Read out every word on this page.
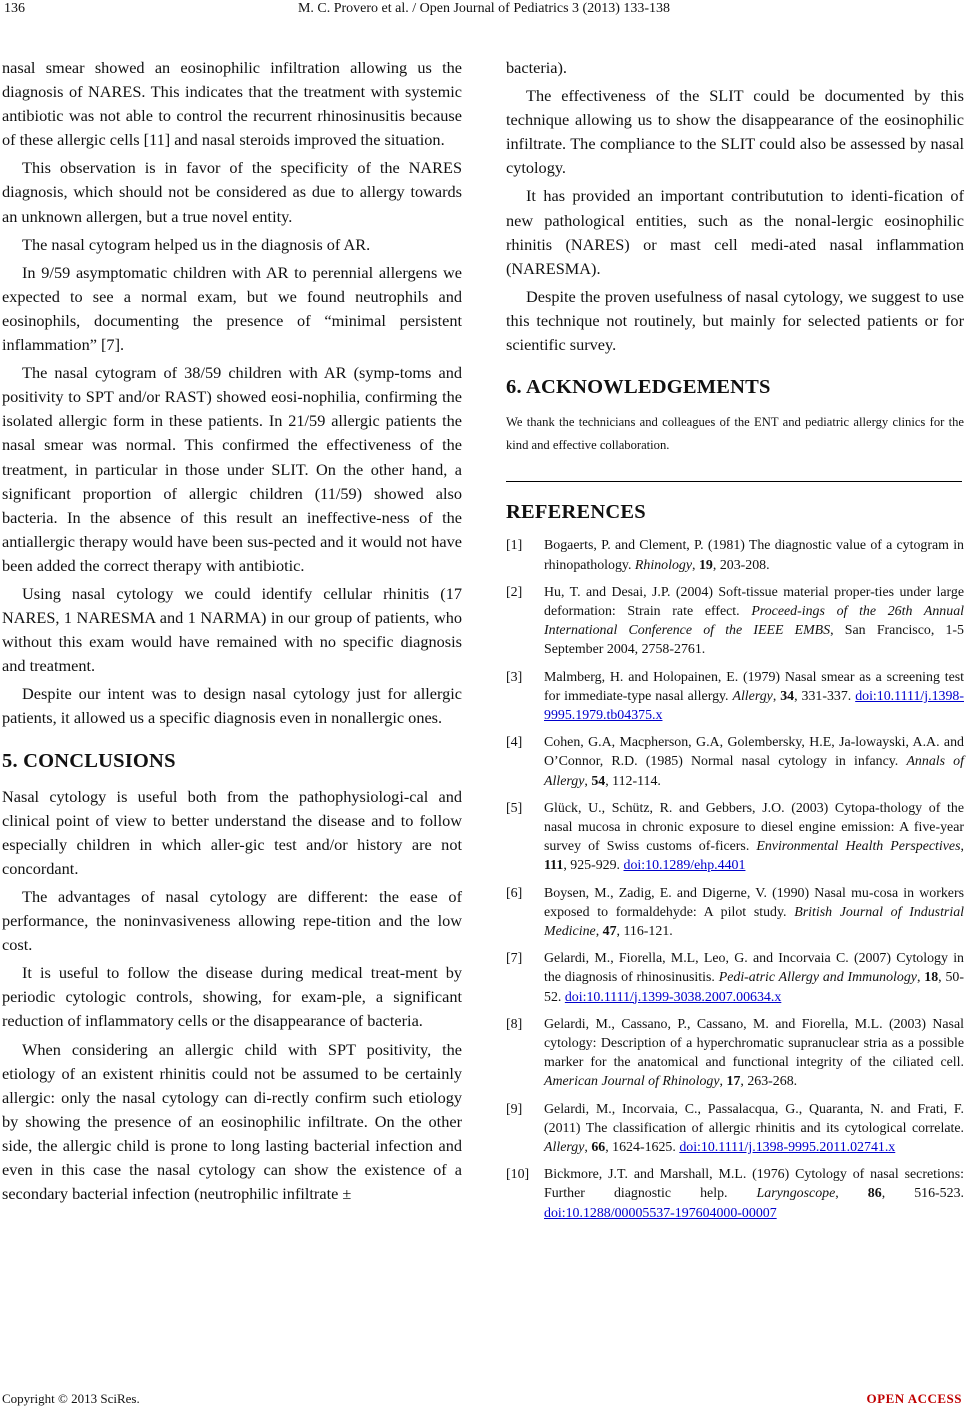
136	M. C. Provero et al. / Open Journal of Pediatrics 3 (2013) 133-138

nasal smear showed an eosinophilic infiltration allowing us the diagnosis of NARES. This indicates that the treatment with systemic antibiotic was not able to control the recurrent rhinosinusitis because of these allergic cells [11] and nasal steroids improved the situation.

This observation is in favor of the specificity of the NARES diagnosis, which should not be considered as due to allergy towards an unknown allergen, but a true novel entity.

The nasal cytogram helped us in the diagnosis of AR.

In 9/59 asymptomatic children with AR to perennial allergens we expected to see a normal exam, but we found neutrophils and eosinophils, documenting the presence of “minimal persistent inflammation” [7].

The nasal cytogram of 38/59 children with AR (symp-toms and positivity to SPT and/or RAST) showed eosi-nophilia, confirming the isolated allergic form in these patients. In 21/59 allergic patients the nasal smear was normal. This confirmed the effectiveness of the treatment, in particular in those under SLIT. On the other hand, a significant proportion of allergic children (11/59) showed also bacteria. In the absence of this result an ineffective-ness of the antiallergic therapy would have been sus-pected and it would not have been added the correct therapy with antibiotic.

Using nasal cytology we could identify cellular rhinitis (17 NARES, 1 NARESMA and 1 NARMA) in our group of patients, who without this exam would have remained with no specific diagnosis and treatment.

Despite our intent was to design nasal cytology just for allergic patients, it allowed us a specific diagnosis even in nonallergic ones.

5. CONCLUSIONS

Nasal cytology is useful both from the pathophysiologi-cal and clinical point of view to better understand the disease and to follow especially children in which aller-gic test and/or history are not concordant.

The advantages of nasal cytology are different: the ease of performance, the noninvasiveness allowing repe-tition and the low cost.

It is useful to follow the disease during medical treat-ment by periodic cytologic controls, showing, for exam-ple, a significant reduction of inflammatory cells or the disappearance of bacteria.

When considering an allergic child with SPT positivity, the etiology of an existent rhinitis could not be assumed to be certainly allergic: only the nasal cytology can di-rectly confirm such etiology by showing the presence of an eosinophilic infiltrate. On the other side, the allergic child is prone to long lasting bacterial infection and even in this case the nasal cytology can show the existence of a secondary bacterial infection (neutrophilic infiltrate ±

bacteria).

The effectiveness of the SLIT could be documented by this technique allowing us to show the disappearance of the eosinophilic infiltrate. The compliance to the SLIT could also be assessed by nasal cytology.

It has provided an important contributution to identi-fication of new pathological entities, such as the nonal-lergic eosinophilic rhinitis (NARES) or mast cell medi-ated nasal inflammation (NARESMA).

Despite the proven usefulness of nasal cytology, we suggest to use this technique not routinely, but mainly for selected patients or for scientific survey.

6. ACKNOWLEDGEMENTS

We thank the technicians and colleagues of the ENT and pediatric allergy clinics for the kind and effective collaboration.

REFERENCES
[1]	Bogaerts, P. and Clement, P. (1981) The diagnostic value of a cytogram in rhinopathology. Rhinology, 19, 203-208.
[2]	Hu, T. and Desai, J.P. (2004) Soft-tissue material proper-ties under large deformation: Strain rate effect. Proceed-ings of the 26th Annual International Conference of the IEEE EMBS, San Francisco, 1-5 September 2004, 2758-2761.
[3]	Malmberg, H. and Holopainen, E. (1979) Nasal smear as a screening test for immediate-type nasal allergy. Allergy, 34, 331-337. doi:10.1111/j.1398-9995.1979.tb04375.x
[4]	Cohen, G.A, Macpherson, G.A, Golembersky, H.E, Ja-lowayski, A.A. and O’Connor, R.D. (1985) Normal nasal cytology in infancy. Annals of Allergy, 54, 112-114.
[5]	Glück, U., Schütz, R. and Gebbers, J.O. (2003) Cytopa-thology of the nasal mucosa in chronic exposure to diesel engine emission: A five-year survey of Swiss customs of-ficers. Environmental Health Perspectives, 111, 925-929. doi:10.1289/ehp.4401
[6]	Boysen, M., Zadig, E. and Digerne, V. (1990) Nasal mu-cosa in workers exposed to formaldehyde: A pilot study. British Journal of Industrial Medicine, 47, 116-121.
[7]	Gelardi, M., Fiorella, M.L, Leo, G. and Incorvaia C. (2007) Cytology in the diagnosis of rhinosinusitis. Pedi-atric Allergy and Immunology, 18, 50-52. doi:10.1111/j.1399-3038.2007.00634.x
[8]	Gelardi, M., Cassano, P., Cassano, M. and Fiorella, M.L. (2003) Nasal cytology: Description of a hyperchromatic supranuclear stria as a possible marker for the anatomical and functional integrity of the ciliated cell. American Journal of Rhinology, 17, 263-268.
[9]	Gelardi, M., Incorvaia, C., Passalacqua, G., Quaranta, N. and Frati, F. (2011) The classification of allergic rhinitis and its cytological correlate. Allergy, 66, 1624-1625. doi:10.1111/j.1398-9995.2011.02741.x
[10]	Bickmore, J.T. and Marshall, M.L. (1976) Cytology of nasal secretions: Further diagnostic help. Laryngoscope, 86, 516-523. doi:10.1288/00005537-197604000-00007
Copyright © 2013 SciRes.	OPEN ACCESS
